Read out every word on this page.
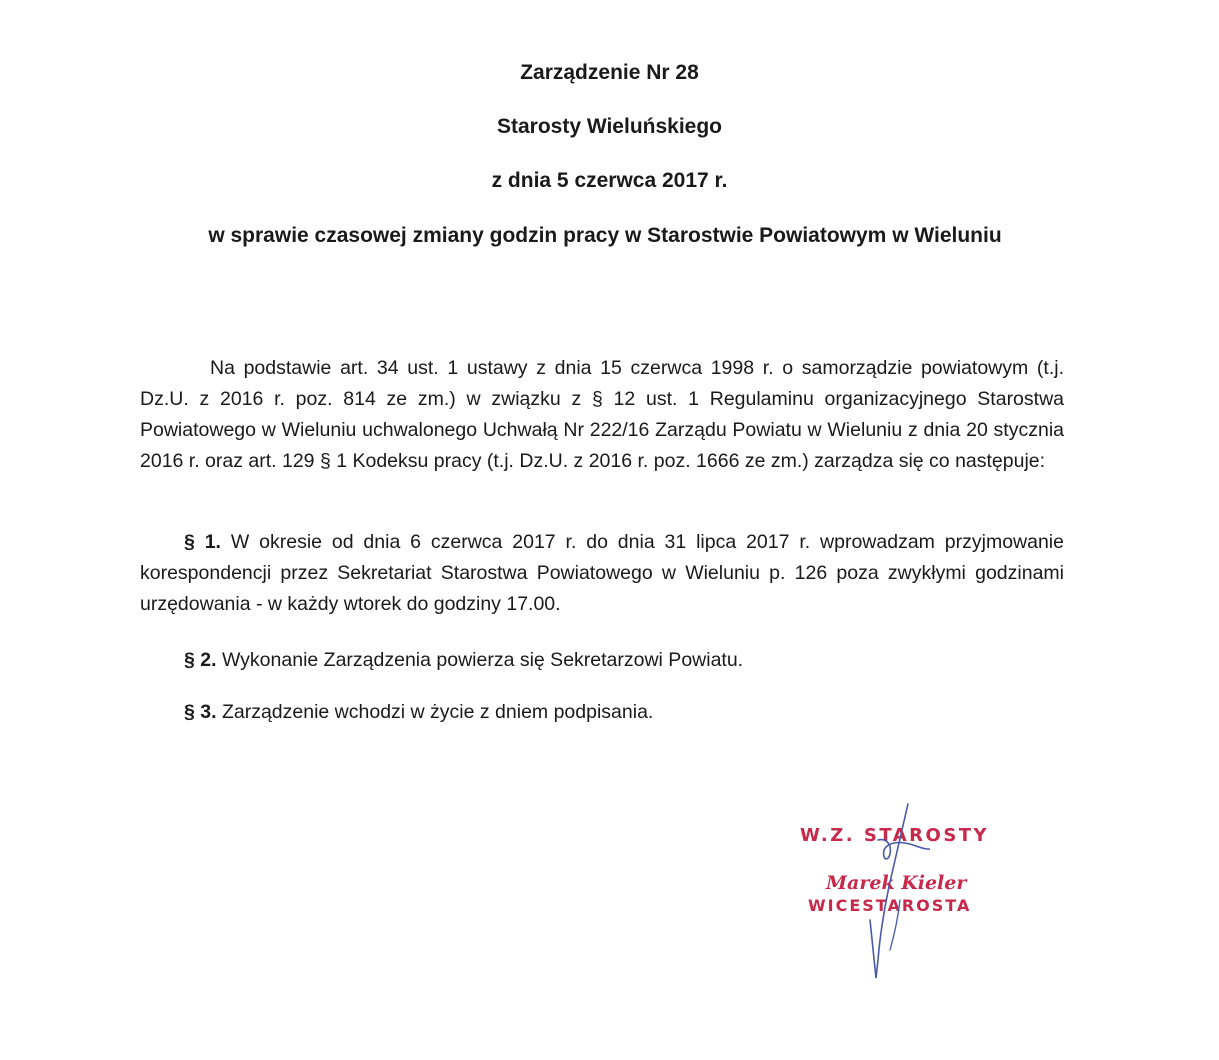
Zarządzenie Nr 28
Starosty Wieluńskiego
z dnia 5 czerwca 2017 r.
w sprawie czasowej zmiany godzin pracy w Starostwie Powiatowym w Wieluniu

Na podstawie art. 34 ust. 1 ustawy z dnia 15 czerwca 1998 r. o samorządzie powiatowym (t.j. Dz.U. z 2016 r. poz. 814 ze zm.) w związku z § 12 ust. 1 Regulaminu organizacyjnego Starostwa Powiatowego w Wieluniu uchwalonego Uchwałą Nr 222/16 Zarządu Powiatu w Wieluniu z dnia 20 stycznia 2016 r. oraz art. 129 § 1 Kodeksu pracy (t.j. Dz.U. z 2016 r. poz. 1666 ze zm.) zarządza się co następuje:

§ 1. W okresie od dnia 6 czerwca 2017 r. do dnia 31 lipca 2017 r. wprowadzam przyjmowanie korespondencji przez Sekretariat Starostwa Powiatowego w Wieluniu p. 126 poza zwykłymi godzinami urzędowania - w każdy wtorek do godziny 17.00.

§ 2. Wykonanie Zarządzenia powierza się Sekretarzowi Powiatu.

§ 3. Zarządzenie wchodzi w życie z dniem podpisania.

W.Z. STAROSTY

Marek Kieler

WICESTAROSTA
